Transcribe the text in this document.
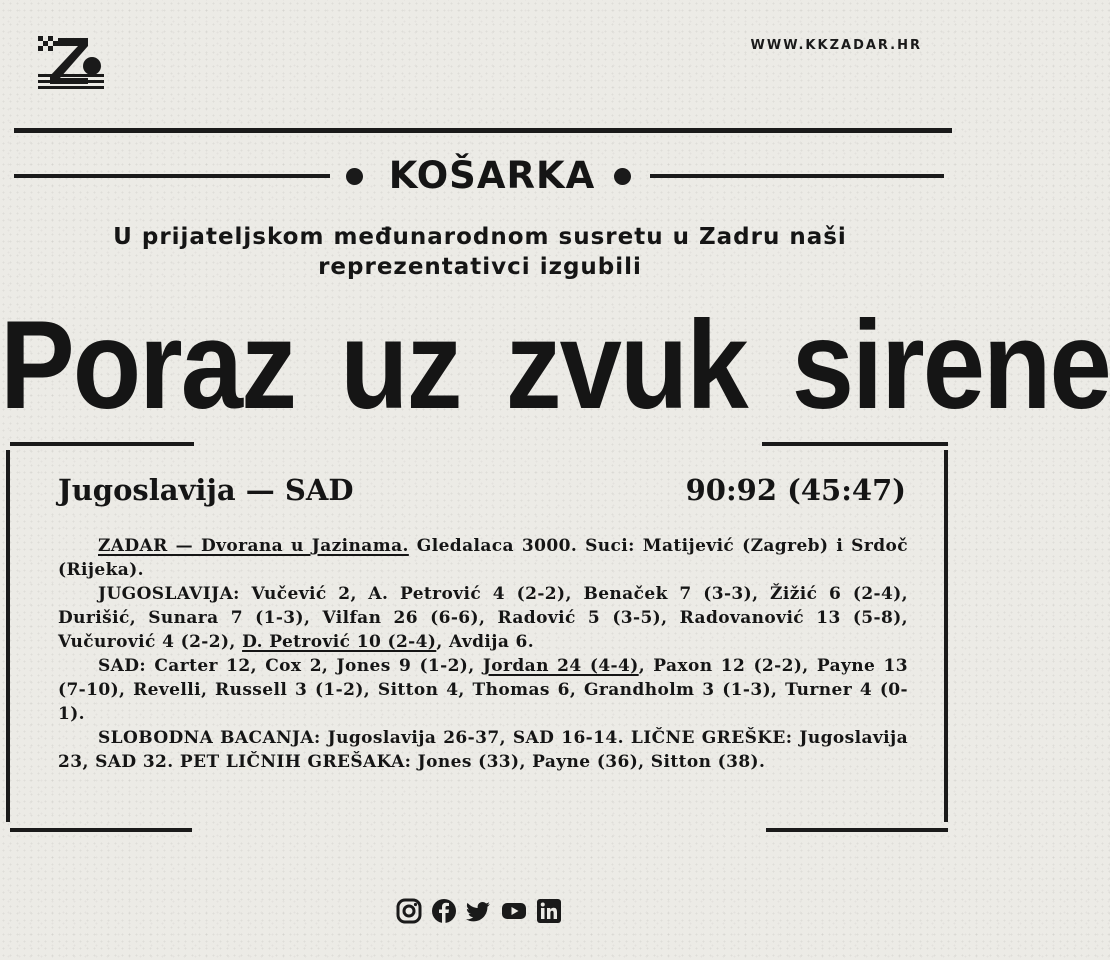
WWW.KKZADAR.HR
KOŠARKA
U prijateljskom međunarodnom susretu u Zadru naši
reprezentativci izgubili
Poraz uz zvuk sirene
Jugoslavija — SAD	90:92 (45:47)

ZADAR — Dvorana u Jazinama. Gledalaca 3000. Suci: Matijević (Zagreb) i Srdoč (Rijeka).

JUGOSLAVIJA: Vučević 2, A. Petrović 4 (2-2), Benaček 7 (3-3), Žižić 6 (2-4), Durišić, Sunara 7 (1-3), Vilfan 26 (6-6), Radović 5 (3-5), Radovanović 13 (5-8), Vučurović 4 (2-2), D. Petrović 10 (2-4), Avdija 6.

SAD: Carter 12, Cox 2, Jones 9 (1-2), Jordan 24 (4-4), Paxon 12 (2-2), Payne 13 (7-10), Revelli, Russell 3 (1-2), Sitton 4, Thomas 6, Grandholm 3 (1-3), Turner 4 (0-1).

SLOBODNA BACANJA: Jugoslavija 26-37, SAD 16-14. LIČNE GREŠKE: Jugoslavija 23, SAD 32. PET LIČNIH GREŠAKA: Jones (33), Payne (36), Sitton (38).
